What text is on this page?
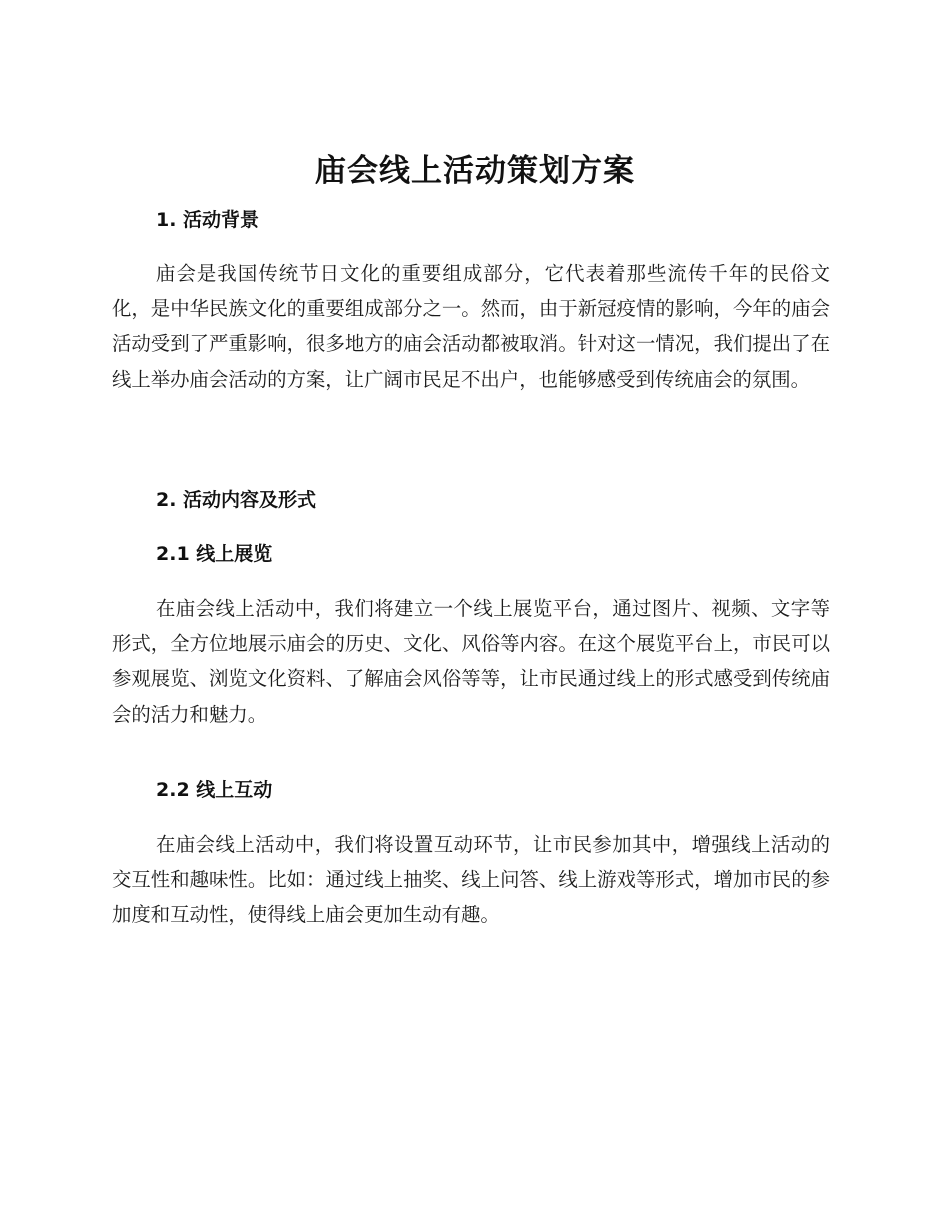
庙会线上活动策划方案
1. 活动背景

庙会是我国传统节日文化的重要组成部分，它代表着那些流传千年的民俗文化，是中华民族文化的重要组成部分之一。然而，由于新冠疫情的影响，今年的庙会活动受到了严重影响，很多地方的庙会活动都被取消。针对这一情况，我们提出了在线上举办庙会活动的方案，让广阔市民足不出户，也能够感受到传统庙会的氛围。

2. 活动内容及形式
2.1 线上展览

在庙会线上活动中，我们将建立一个线上展览平台，通过图片、视频、文字等形式，全方位地展示庙会的历史、文化、风俗等内容。在这个展览平台上，市民可以参观展览、浏览文化资料、了解庙会风俗等等，让市民通过线上的形式感受到传统庙会的活力和魅力。

2.2 线上互动

在庙会线上活动中，我们将设置互动环节，让市民参加其中，增强线上活动的交互性和趣味性。比如：通过线上抽奖、线上问答、线上游戏等形式，增加市民的参加度和互动性，使得线上庙会更加生动有趣。
